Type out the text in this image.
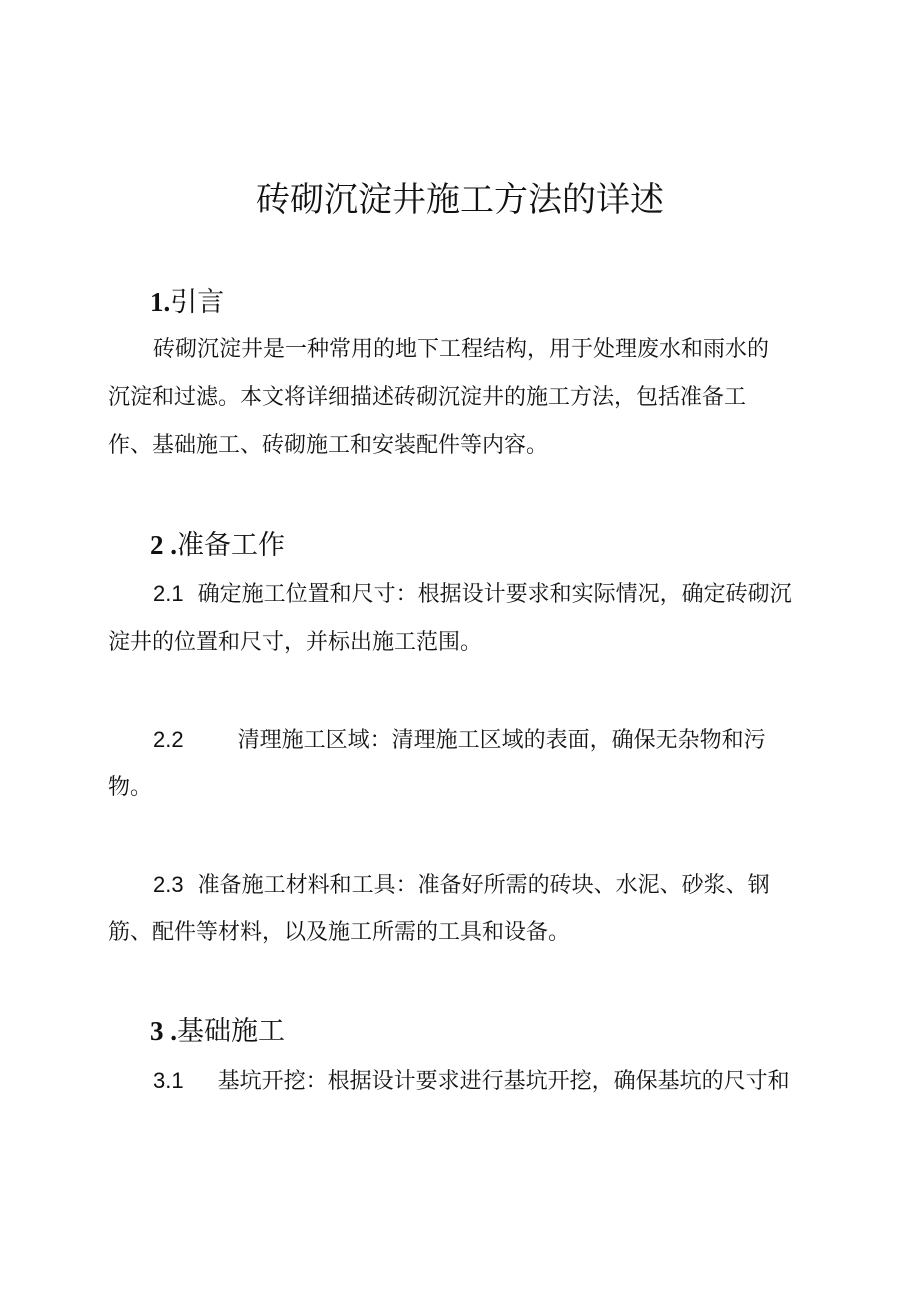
砖砌沉淀井施工方法的详述
1.引言
砖砌沉淀井是一种常用的地下工程结构，用于处理废水和雨水的
沉淀和过滤。本文将详细描述砖砌沉淀井的施工方法，包括准备工
作、基础施工、砖砌施工和安装配件等内容。
2 .准备工作
2.1 确定施工位置和尺寸：根据设计要求和实际情况，确定砖砌沉
淀井的位置和尺寸，并标出施工范围。
2.2 清理施工区域：清理施工区域的表面，确保无杂物和污
物。
2.3 准备施工材料和工具：准备好所需的砖块、水泥、砂浆、钢
筋、配件等材料，以及施工所需的工具和设备。
3 .基础施工
3.1 基坑开挖：根据设计要求进行基坑开挖，确保基坑的尺寸和
